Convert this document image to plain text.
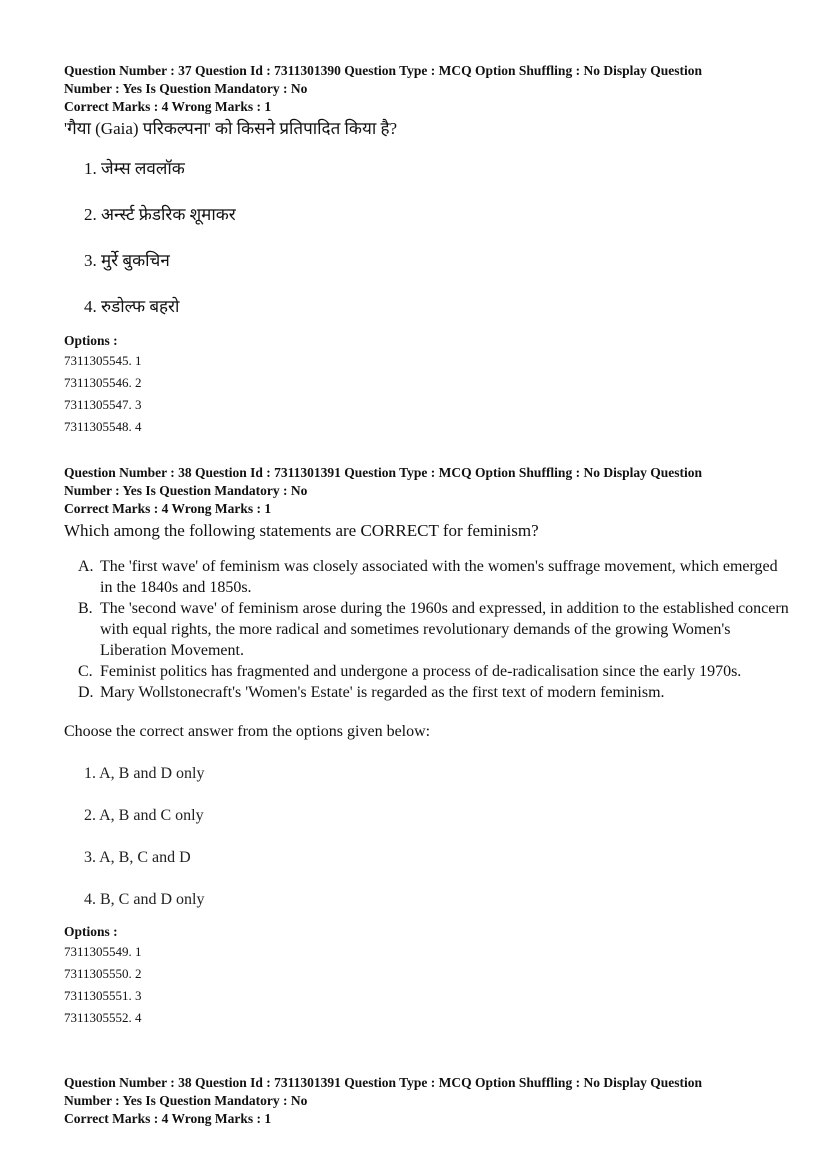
Question Number : 37 Question Id : 7311301390 Question Type : MCQ Option Shuffling : No Display Question
Number : Yes Is Question Mandatory : No
Correct Marks : 4 Wrong Marks : 1
'गैया (Gaia) परिकल्पना' को किसने प्रतिपादित किया है?
1. जेम्स लवलॉक
2. अर्न्स्ट फ्रेडरिक शूमाकर
3. मुर्रे बुकचिन
4. रुडोल्फ बहरो
Options :
7311305545. 1
7311305546. 2
7311305547. 3
7311305548. 4
Question Number : 38 Question Id : 7311301391 Question Type : MCQ Option Shuffling : No Display Question
Number : Yes Is Question Mandatory : No
Correct Marks : 4 Wrong Marks : 1
Which among the following statements are CORRECT for feminism?
A. The 'first wave' of feminism was closely associated with the women's suffrage movement, which emerged in the 1840s and 1850s.
B. The 'second wave' of feminism arose during the 1960s and expressed, in addition to the established concern with equal rights, the more radical and sometimes revolutionary demands of the growing Women's Liberation Movement.
C. Feminist politics has fragmented and undergone a process of de-radicalisation since the early 1970s.
D. Mary Wollstonecraft's 'Women's Estate' is regarded as the first text of modern feminism.
Choose the correct answer from the options given below:
1. A, B and D only
2. A, B and C only
3. A, B, C and D
4. B, C and D only
Options :
7311305549. 1
7311305550. 2
7311305551. 3
7311305552. 4
Question Number : 38 Question Id : 7311301391 Question Type : MCQ Option Shuffling : No Display Question
Number : Yes Is Question Mandatory : No
Correct Marks : 4 Wrong Marks : 1
